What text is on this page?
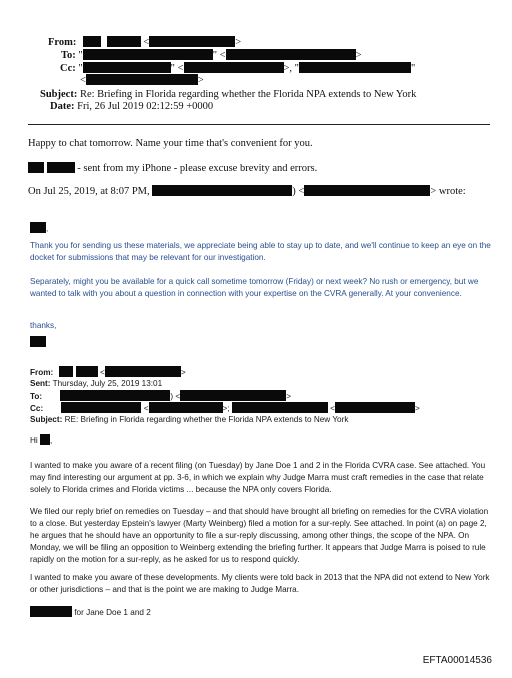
From:	<	>
To: "	" <	>
Cc: "	" <	>, "	"
<	>
Subject: Re: Briefing in Florida regarding whether the Florida NPA extends to New York
Date: Fri, 26 Jul 2019 02:12:59 +0000
Happy to chat tomorrow. Name your time that's convenient for you.
- sent from my iPhone - please excuse brevity and errors.
On Jul 25, 2019, at 8:07 PM,	) <	> wrote:
,
Thank you for sending us these materials, we appreciate being able to stay up to date, and we'll continue to keep an eye on the docket for submissions that may be relevant for our investigation.
Separately, might you be available for a quick call sometime tomorrow (Friday) or next week? No rush or emergency, but we wanted to talk with you about a question in connection with your expertise on the CVRA generally. At your convenience.
thanks,
From:	<	>
Sent: Thursday, July 25, 2019 13:01
To:	) <	>
Cc:	<	>;	<	>
Subject: RE: Briefing in Florida regarding whether the Florida NPA extends to New York
Hi ,
I wanted to make you aware of a recent filing (on Tuesday) by Jane Doe 1 and 2 in the Florida CVRA case. See attached. You may find interesting our argument at pp. 3-6, in which we explain why Judge Marra must craft remedies in the case that relate solely to Florida crimes and Florida victims ... because the NPA only covers Florida.
We filed our reply brief on remedies on Tuesday – and that should have brought all briefing on remedies for the CVRA violation to a close. But yesterday Epstein's lawyer (Marty Weinberg) filed a motion for a sur-reply. See attached. In point (a) on page 2, he argues that he should have an opportunity to file a sur-reply discussing, among other things, the scope of the NPA. On Monday, we will be filing an opposition to Weinberg extending the briefing further. It appears that Judge Marra is poised to rule rapidly on the motion for a sur-reply, as he asked for us to respond quickly.
I wanted to make you aware of these developments. My clients were told back in 2013 that the NPA did not extend to New York or other jurisdictions – and that is the point we are making to Judge Marra.
for Jane Doe 1 and 2
EFTA00014536
